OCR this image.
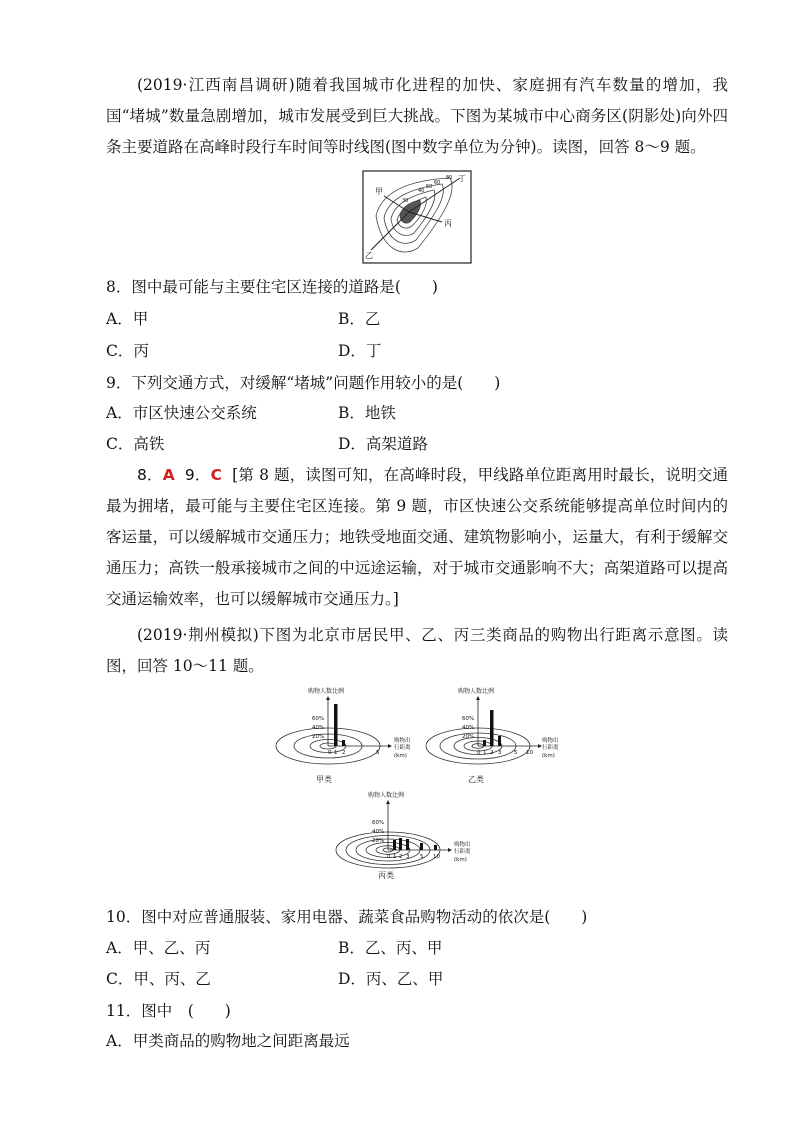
(2019·江西南昌调研)随着我国城市化进程的加快、家庭拥有汽车数量的增加，我国“堵城”数量急剧增加，城市发展受到巨大挑战。下图为某城市中心商务区(阴影处)向外四条主要道路在高峰时段行车时间等时线图(图中数字单位为分钟)。读图，回答 8～9 题。

甲
乙
丙
丁
80
60
50
40
30
8．图中最可能与主要住宅区连接的道路是(　　)
A．甲	B．乙
C．丙	D．丁
9．下列交通方式，对缓解“堵城”问题作用较小的是(　　)
A．市区快速公交系统	B．地铁
C．高铁	D．高架道路

8．A 9．C [第 8 题，读图可知，在高峰时段，甲线路单位距离用时最长，说明交通最为拥堵，最可能与主要住宅区连接。第 9 题，市区快速公交系统能够提高单位时间内的客运量，可以缓解城市交通压力；地铁受地面交通、建筑物影响小，运量大，有利于缓解交通压力；高铁一般承接城市之间的中远途运输，对于城市交通影响不大；高架道路可以提高交通运输效率，也可以缓解城市交通压力。]

(2019·荆州模拟)下图为北京市居民甲、乙、丙三类商品的购物出行距离示意图。读图，回答 10～11 题。

购物人数比例
60%
40%
20%
0 1 2	5
购物出
行距离
(km)
甲类
购物人数比例
60%
40%
20%
0 1 2 3 5 10
购物出
行距离
(km)
乙类
购物人数比例
60%
40%
20%
0 1 2 3 5 10
购物出
行距离
(km)
丙类
10．图中对应普通服装、家用电器、蔬菜食品购物活动的依次是(　　)
A．甲、乙、丙	B．乙、丙、甲
C．甲、丙、乙	D．丙、乙、甲
11．图中　(　　)
A．甲类商品的购物地之间距离最远
